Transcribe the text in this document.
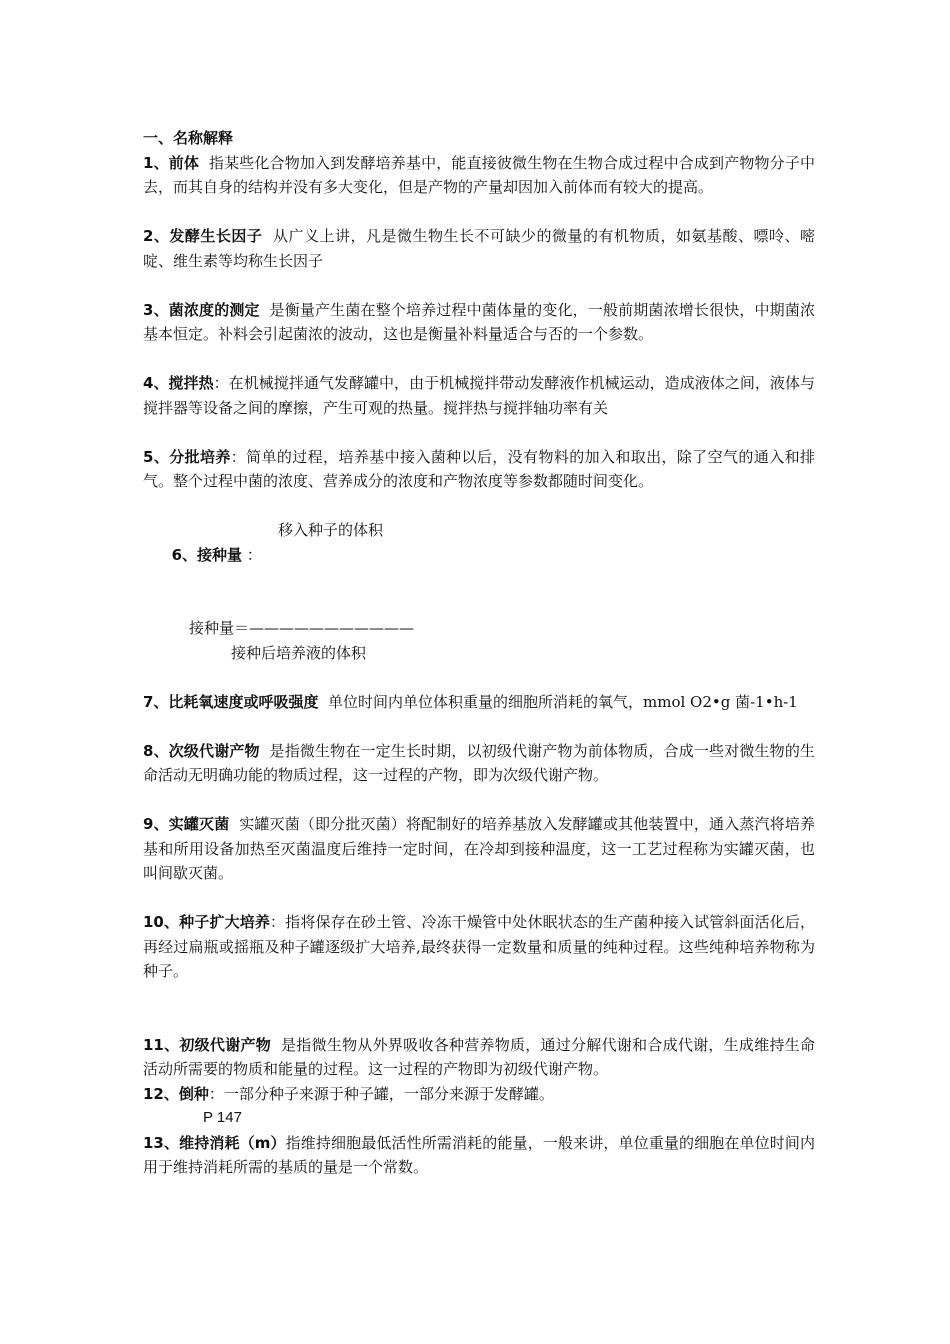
一、名称解释

1、前体 指某些化合物加入到发酵培养基中，能直接彼微生物在生物合成过程中合成到产物物分子中去，而其自身的结构并没有多大变化，但是产物的产量却因加入前体而有较大的提高。

2、发酵生长因子 从广义上讲，凡是微生物生长不可缺少的微量的有机物质，如氨基酸、嘌呤、嘧啶、维生素等均称生长因子

3、菌浓度的测定 是衡量产生菌在整个培养过程中菌体量的变化，一般前期菌浓增长很快，中期菌浓基本恒定。补料会引起菌浓的波动，这也是衡量补料量适合与否的一个参数。

4、搅拌热：在机械搅拌通气发酵罐中，由于机械搅拌带动发酵液作机械运动，造成液体之间，液体与搅拌器等设备之间的摩擦，产生可观的热量。搅拌热与搅拌轴功率有关

5、分批培养：简单的过程，培养基中接入菌种以后，没有物料的加入和取出，除了空气的通入和排气。整个过程中菌的浓度、营养成分的浓度和产物浓度等参数都随时间变化。

6、接种量 ：

移入种子的体积

接种量＝———————————
接种后培养液的体积

7、比耗氧速度或呼吸强度 单位时间内单位体积重量的细胞所消耗的氧气，mmol O2•g 菌-1•h-1

8、次级代谢产物 是指微生物在一定生长时期，以初级代谢产物为前体物质，合成一些对微生物的生命活动无明确功能的物质过程，这一过程的产物，即为次级代谢产物。

9、实罐灭菌 实罐灭菌（即分批灭菌）将配制好的培养基放入发酵罐或其他装置中，通入蒸汽将培养基和所用设备加热至灭菌温度后维持一定时间，在冷却到接种温度，这一工艺过程称为实罐灭菌，也叫间歇灭菌。

10、种子扩大培养：指将保存在砂土管、冷冻干燥管中处休眠状态的生产菌种接入试管斜面活化后，再经过扁瓶或摇瓶及种子罐逐级扩大培养,最终获得一定数量和质量的纯种过程。这些纯种培养物称为种子。

11、初级代谢产物 是指微生物从外界吸收各种营养物质，通过分解代谢和合成代谢，生成维持生命活动所需要的物质和能量的过程。这一过程的产物即为初级代谢产物。

12、倒种：一部分种子来源于种子罐，一部分来源于发酵罐。

P 147

13、维持消耗（m）指维持细胞最低活性所需消耗的能量，一般来讲，单位重量的细胞在单位时间内用于维持消耗所需的基质的量是一个常数。
